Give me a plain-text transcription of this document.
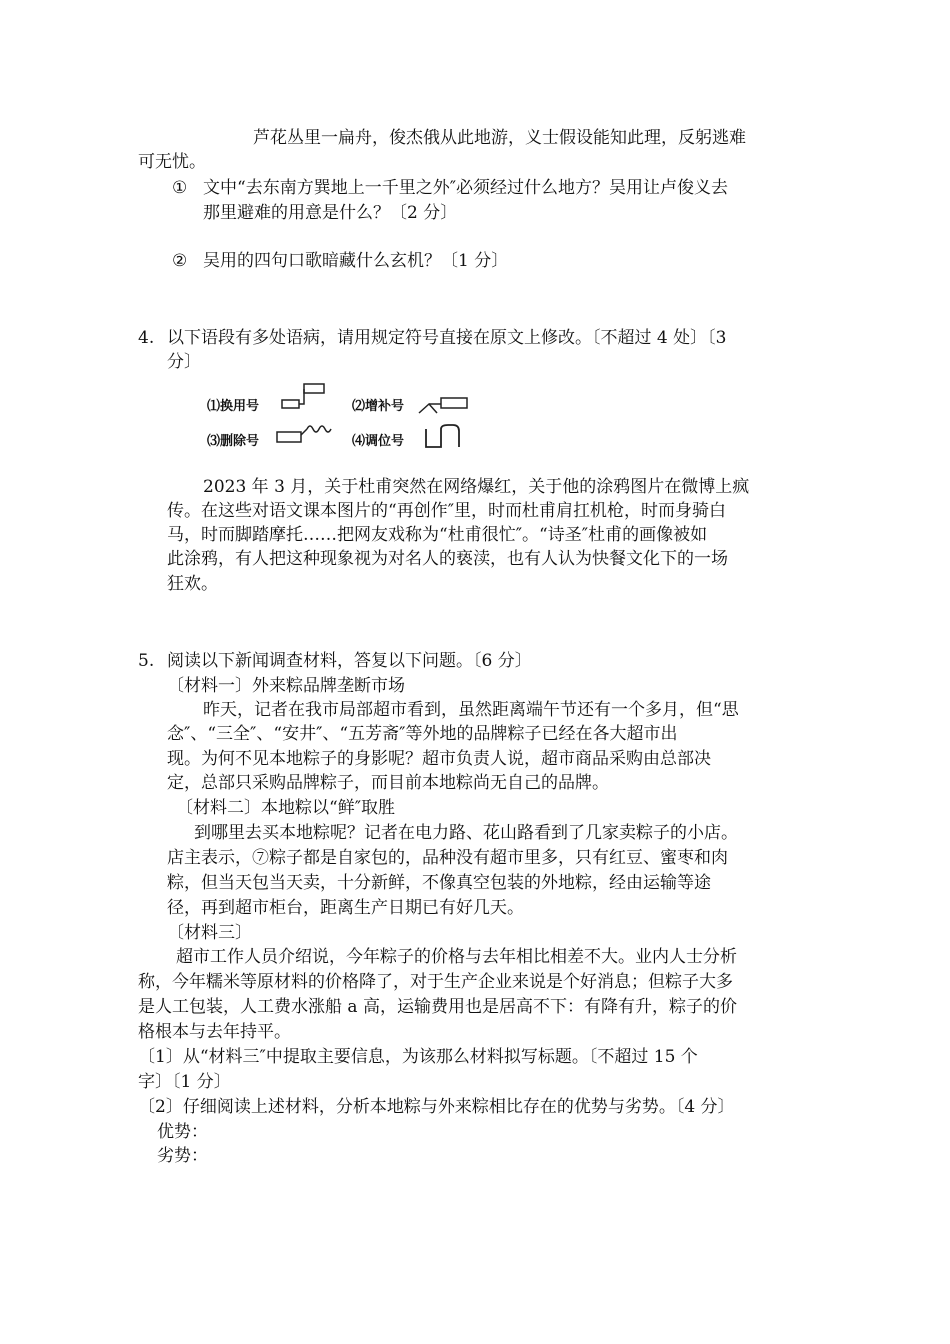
芦花丛里一扁舟，俊杰俄从此地游，义士假设能知此理，反躬逃难
可无忧。
① 文中“去东南方巽地上一千里之外″必须经过什么地方？吴用让卢俊义去
那里避难的用意是什么？〔2 分〕
② 吴用的四句口歌暗藏什么玄机？〔1 分〕
4. 以下语段有多处语病，请用规定符号直接在原文上修改。〔不超过 4 处〕〔3
分〕
⑴换用号	⑵增补号
⑶删除号	⑷调位号
2023 年 3 月，关于杜甫突然在网络爆红，关于他的涂鸦图片在微博上疯
传。在这些对语文课本图片的“再创作″里，时而杜甫肩扛机枪，时而身骑白
马，时而脚踏摩托……把网友戏称为“杜甫很忙″。“诗圣″杜甫的画像被如
此涂鸦，有人把这种现象视为对名人的亵渎，也有人认为快餐文化下的一场
狂欢。
5. 阅读以下新闻调查材料，答复以下问题。〔6 分〕
〔材料一〕外来粽品牌垄断市场
昨天，记者在我市局部超市看到，虽然距离端午节还有一个多月，但“思
念″、“三全″、“安井″、“五芳斋″等外地的品牌粽子已经在各大超市出
现。为何不见本地粽子的身影呢？超市负责人说，超市商品采购由总部决
定，总部只采购品牌粽子，而目前本地粽尚无自己的品牌。
〔材料二〕本地粽以“鲜″取胜
到哪里去买本地粽呢？记者在电力路、花山路看到了几家卖粽子的小店。
店主表示，⑦粽子都是自家包的，品种没有超市里多，只有红豆、蜜枣和肉
粽，但当天包当天卖，十分新鲜，不像真空包装的外地粽，经由运输等途
径，再到超市柜台，距离生产日期已有好几天。
〔材料三〕
超市工作人员介绍说，今年粽子的价格与去年相比相差不大。业内人士分析
称，今年糯米等原材料的价格降了，对于生产企业来说是个好消息；但粽子大多
是人工包装，人工费水涨船 a 高，运输费用也是居高不下：有降有升，粽子的价
格根本与去年持平。
〔1〕从“材料三″中提取主要信息，为该那么材料拟写标题。〔不超过 15 个
字〕〔1 分〕
〔2〕仔细阅读上述材料，分析本地粽与外来粽相比存在的优势与劣势。〔4 分〕
优势：
劣势：
